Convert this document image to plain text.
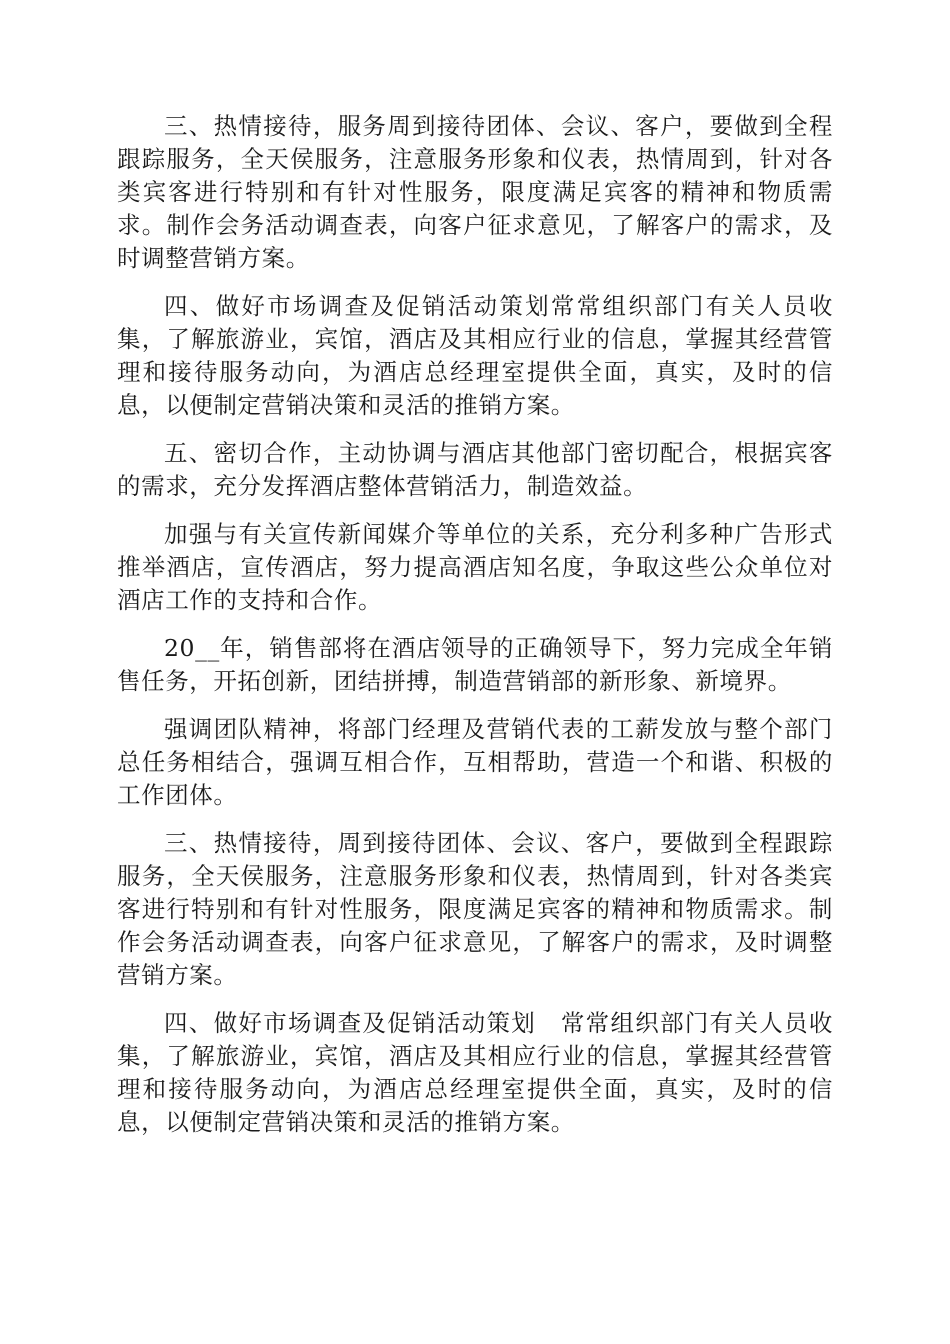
三、热情接待，服务周到接待团体、会议、客户，要做到全程跟踪服务，全天侯服务，注意服务形象和仪表，热情周到，针对各类宾客进行特别和有针对性服务，限度满足宾客的精神和物质需求。制作会务活动调查表，向客户征求意见，了解客户的需求，及时调整营销方案。

四、做好市场调查及促销活动策划常常组织部门有关人员收集，了解旅游业，宾馆，酒店及其相应行业的信息，掌握其经营管理和接待服务动向，为酒店总经理室提供全面，真实，及时的信息，以便制定营销决策和灵活的推销方案。

五、密切合作，主动协调与酒店其他部门密切配合，根据宾客的需求，充分发挥酒店整体营销活力，制造效益。

加强与有关宣传新闻媒介等单位的关系，充分利多种广告形式推举酒店，宣传酒店，努力提高酒店知名度，争取这些公众单位对酒店工作的支持和合作。

20__年，销售部将在酒店领导的正确领导下，努力完成全年销售任务，开拓创新，团结拼搏，制造营销部的新形象、新境界。

强调团队精神，将部门经理及营销代表的工薪发放与整个部门总任务相结合，强调互相合作，互相帮助，营造一个和谐、积极的工作团体。

三、热情接待，周到接待团体、会议、客户，要做到全程跟踪服务，全天侯服务，注意服务形象和仪表，热情周到，针对各类宾客进行特别和有针对性服务，限度满足宾客的精神和物质需求。制作会务活动调查表，向客户征求意见，了解客户的需求，及时调整营销方案。

四、做好市场调查及促销活动策划　常常组织部门有关人员收集，了解旅游业，宾馆，酒店及其相应行业的信息，掌握其经营管理和接待服务动向，为酒店总经理室提供全面，真实，及时的信息，以便制定营销决策和灵活的推销方案。
